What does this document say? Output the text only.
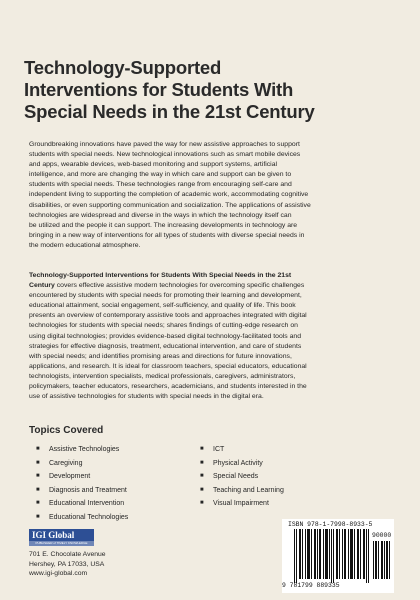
Technology-Supported
Interventions for Students With
Special Needs in the 21st Century
Groundbreaking innovations have paved the way for new assistive approaches to support
students with special needs. New technological innovations such as smart mobile devices
and apps, wearable devices, web-based monitoring and support systems, artificial
intelligence, and more are changing the way in which care and support can be given to
students with special needs. These technologies range from encouraging self-care and
independent living to supporting the completion of academic work, accommodating cognitive
disabilities, or even supporting communication and socialization. The applications of assistive
technologies are widespread and diverse in the ways in which the technology itself can
be utilized and the people it can support. The increasing developments in technology are
bringing in a new way of interventions for all types of students with diverse special needs in
the modern educational atmosphere.
Technology-Supported Interventions for Students With Special Needs in the 21st
Century covers effective assistive modern technologies for overcoming specific challenges
encountered by students with special needs for promoting their learning and development,
educational attainment, social engagement, self-sufficiency, and quality of life. This book
presents an overview of contemporary assistive tools and approaches integrated with digital
technologies for students with special needs; shares findings of cutting-edge research on
using digital technologies; provides evidence-based digital technology-facilitated tools and
strategies for effective diagnosis, treatment, educational intervention, and care of students
with special needs; and identifies promising areas and directions for future innovations,
applications, and research. It is ideal for classroom teachers, special educators, educational
technologists, intervention specialists, medical professionals, caregivers, administrators,
policymakers, teacher educators, researchers, academicians, and students interested in the
use of assistive technologies for students with special needs in the digital era.
Topics Covered
■ Assistive Technologies
■ Caregiving
■ Development
■ Diagnosis and Treatment
■ Educational Intervention
■ Educational Technologies
■ ICT
■ Physical Activity
■ Special Needs
■ Teaching and Learning
■ Visual Impairment
IGI Global
PUBLISHER of TIMELY KNOWLEDGE
701 E. Chocolate Avenue
Hershey, PA 17033, USA
www.igi-global.com
ISBN 978-1-7998-8933-5
90000
9 781799 889335
